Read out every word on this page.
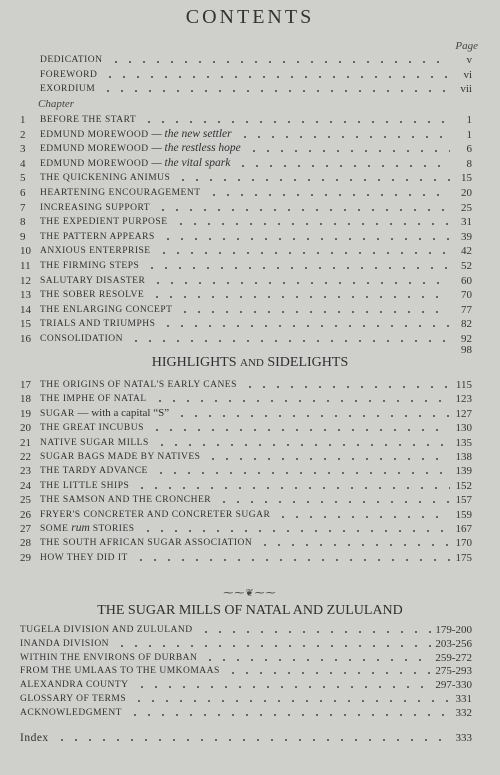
CONTENTS
Page
DEDICATION	v
FOREWORD	vi
EXORDIUM	vii
Chapter
1	BEFORE THE START	1
2	EDMUND MOREWOOD — the new settler	1
3	EDMUND MOREWOOD — the restless hope	6
4	EDMUND MOREWOOD — the vital spark	8
5	THE QUICKENING ANIMUS	15
6	HEARTENING ENCOURAGEMENT	20
7	INCREASING SUPPORT	25
8	THE EXPEDIENT PURPOSE	31
9	THE PATTERN APPEARS	39
10 ANXIOUS ENTERPRISE	42
11 THE FIRMING STEPS	52
12 SALUTARY DISASTER	60
13 THE SOBER RESOLVE	70
14 THE ENLARGING CONCEPT	77
15 TRIALS AND TRIUMPHS	82
16 CONSOLIDATION	92
98
HIGHLIGHTS AND SIDELIGHTS
17 THE ORIGINS OF NATAL'S EARLY CANES	115
18 THE IMPHE OF NATAL	123
19 SUGAR — with a capital “S”	127
20 THE GREAT INCUBUS	130
21 NATIVE SUGAR MILLS	135
22 SUGAR BAGS MADE BY NATIVES	138
23 THE TARDY ADVANCE	139
24 THE LITTLE SHIPS	152
25 THE SAMSON AND THE CRONCHER	157
26 FRYER'S CONCRETER AND CONCRETER SUGAR	159
27 SOME rum STORIES	167
28 THE SOUTH AFRICAN SUGAR ASSOCIATION	170
29 HOW THEY DID IT	175
⁓⁓❦⁓⁓
THE SUGAR MILLS OF NATAL AND ZULULAND
TUGELA DIVISION AND ZULULAND	179-200
INANDA DIVISION	203-256
WITHIN THE ENVIRONS OF DURBAN	259-272
FROM THE UMLAAS TO THE UMKOMAAS	275-293
ALEXANDRA COUNTY	297-330
GLOSSARY OF TERMS	331
ACKNOWLEDGMENT	332
Index	333
